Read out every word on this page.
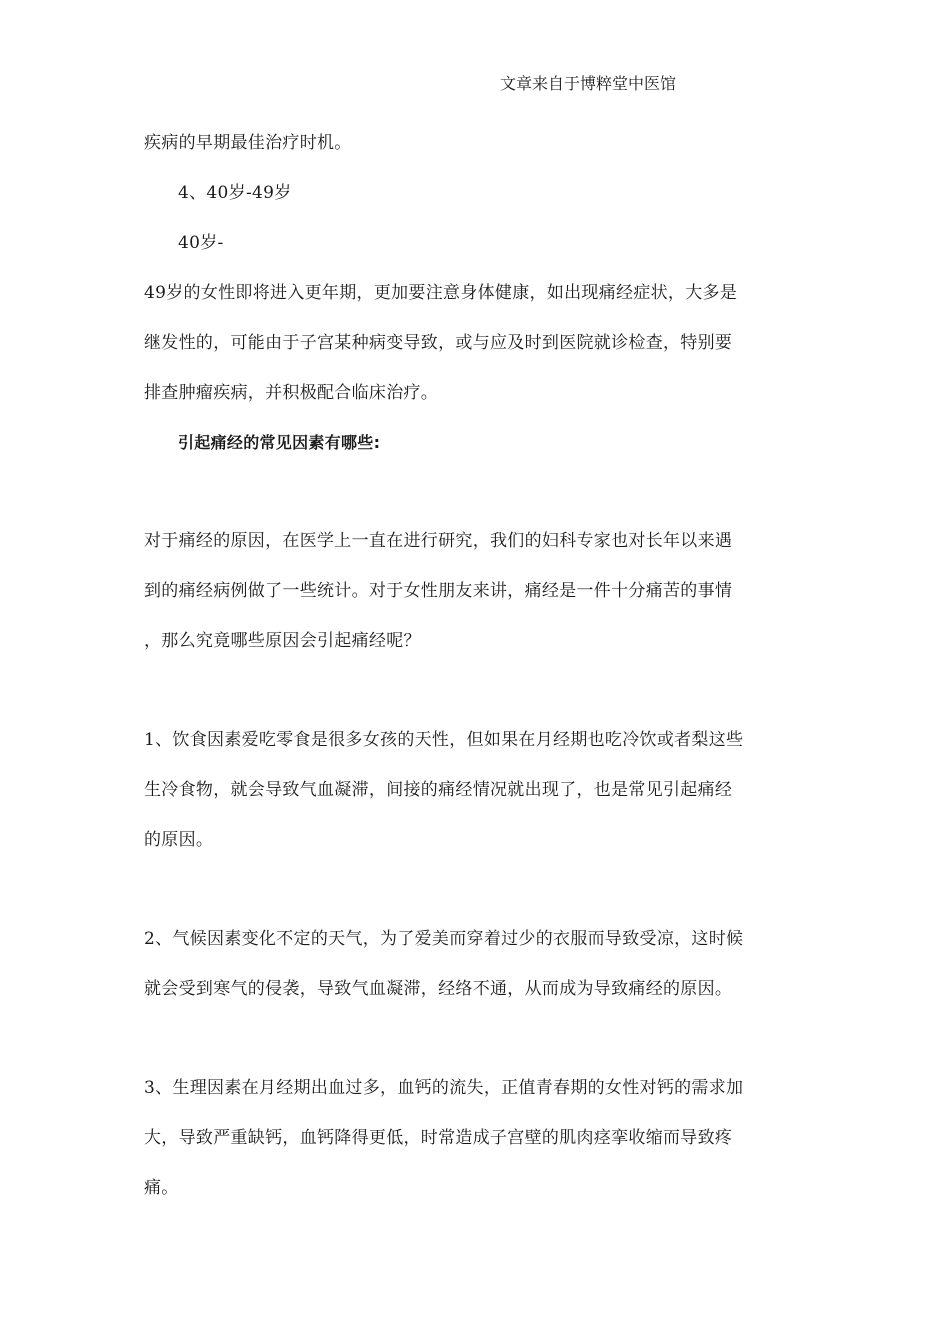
文章来自于博粹堂中医馆
疾病的早期最佳治疗时机。
4、40岁-49岁
40岁-
49岁的女性即将进入更年期，更加要注意身体健康，如出现痛经症状，大多是
继发性的，可能由于子宫某种病变导致，或与应及时到医院就诊检查，特别要
排查肿瘤疾病，并积极配合临床治疗。
引起痛经的常见因素有哪些:
对于痛经的原因，在医学上一直在进行研究，我们的妇科专家也对长年以来遇
到的痛经病例做了一些统计。对于女性朋友来讲，痛经是一件十分痛苦的事情
，那么究竟哪些原因会引起痛经呢？
1、饮食因素爱吃零食是很多女孩的天性，但如果在月经期也吃冷饮或者梨这些
生冷食物，就会导致气血凝滞，间接的痛经情况就出现了，也是常见引起痛经
的原因。
2、气候因素变化不定的天气，为了爱美而穿着过少的衣服而导致受凉，这时候
就会受到寒气的侵袭，导致气血凝滞，经络不通，从而成为导致痛经的原因。
3、生理因素在月经期出血过多，血钙的流失，正值青春期的女性对钙的需求加
大，导致严重缺钙，血钙降得更低，时常造成子宫壁的肌肉痉挛收缩而导致疼
痛。
